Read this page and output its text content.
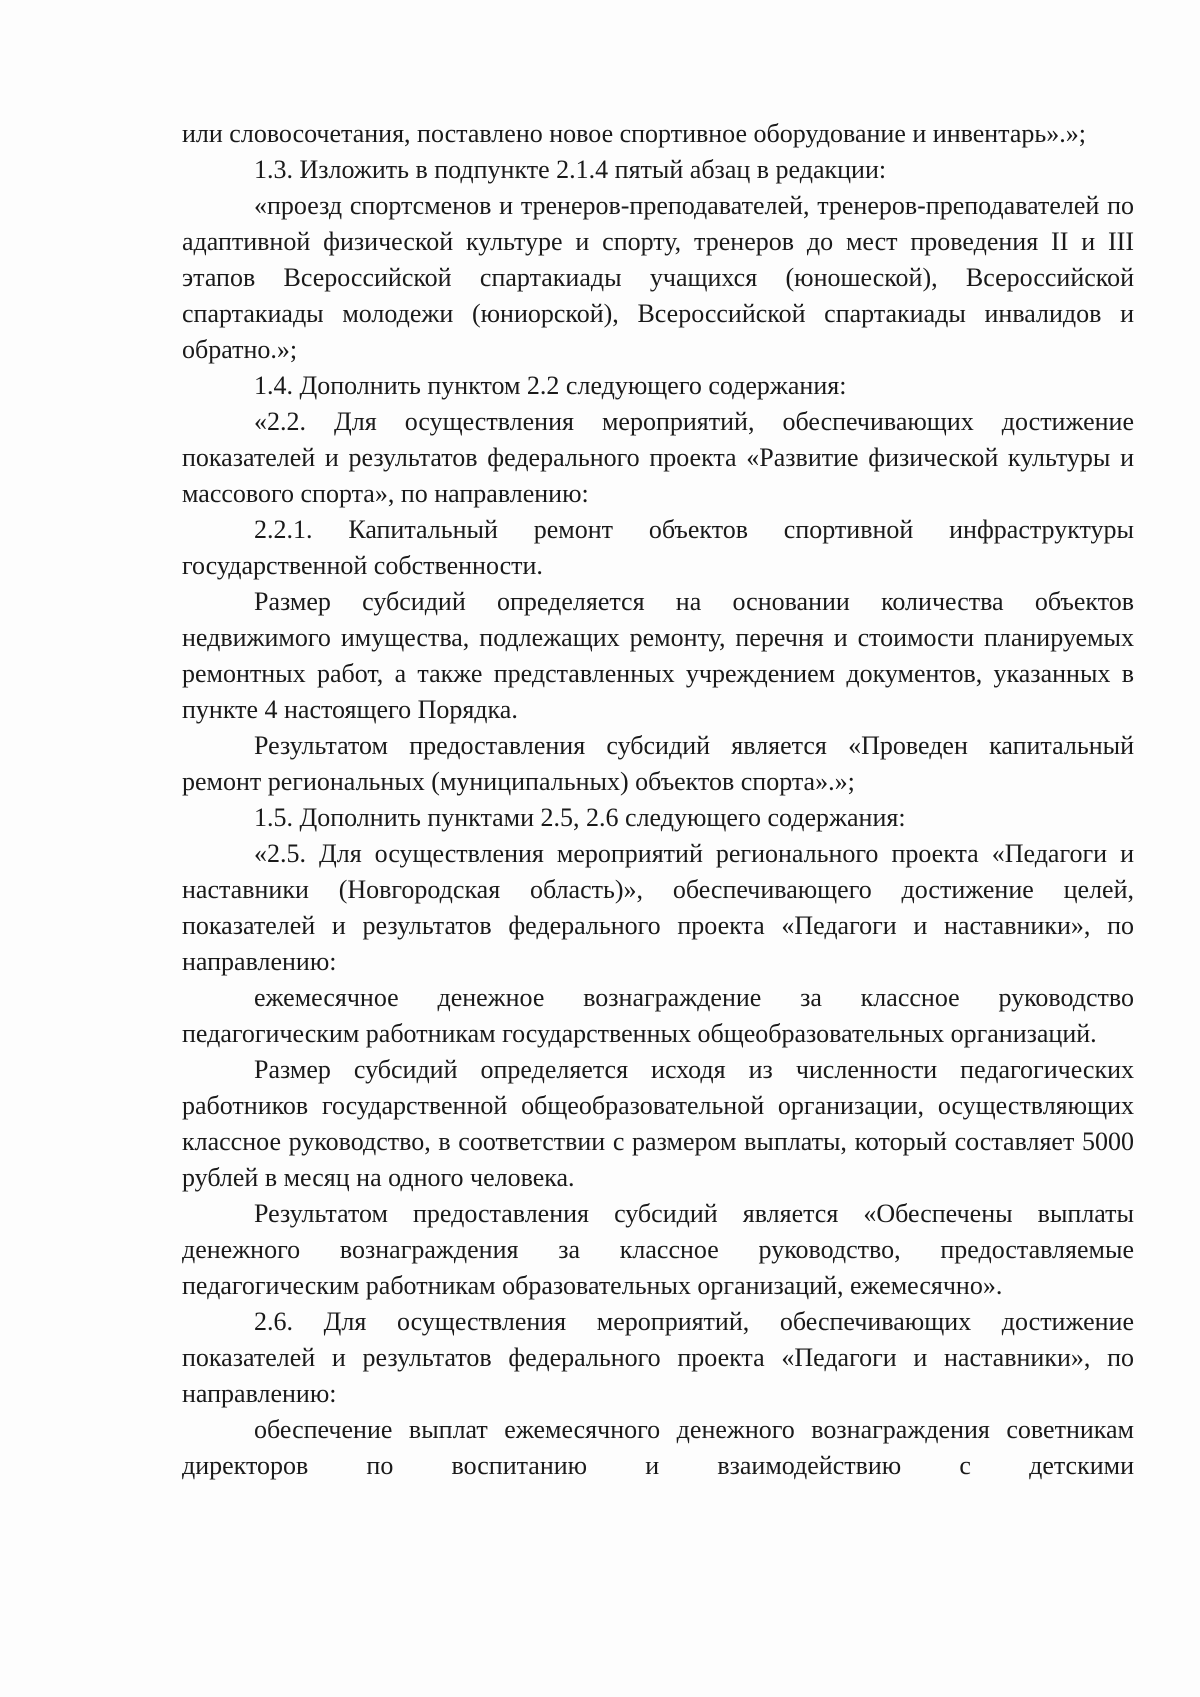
или словосочетания, поставлено новое спортивное оборудование и инвентарь».»;

1.3. Изложить в подпункте 2.1.4 пятый абзац в редакции:

«проезд спортсменов и тренеров-преподавателей, тренеров-преподавателей по адаптивной физической культуре и спорту, тренеров до мест проведения II и III этапов Всероссийской спартакиады учащихся (юношеской), Всероссийской спартакиады молодежи (юниорской), Всероссийской спартакиады инвалидов и обратно.»;

1.4. Дополнить пунктом 2.2 следующего содержания:

«2.2. Для осуществления мероприятий, обеспечивающих достижение показателей и результатов федерального проекта «Развитие физической культуры и массового спорта», по направлению:

2.2.1. Капитальный ремонт объектов спортивной инфраструктуры государственной собственности.

Размер субсидий определяется на основании количества объектов недвижимого имущества, подлежащих ремонту, перечня и стоимости планируемых ремонтных работ, а также представленных учреждением документов, указанных в пункте 4 настоящего Порядка.

Результатом предоставления субсидий является «Проведен капитальный ремонт региональных (муниципальных) объектов спорта».»;

1.5. Дополнить пунктами 2.5, 2.6 следующего содержания:

«2.5. Для осуществления мероприятий регионального проекта «Педагоги и наставники (Новгородская область)», обеспечивающего достижение целей, показателей и результатов федерального проекта «Педагоги и наставники», по направлению:

ежемесячное денежное вознаграждение за классное руководство педагогическим работникам государственных общеобразовательных организаций.

Размер субсидий определяется исходя из численности педагогических работников государственной общеобразовательной организации, осуществляющих классное руководство, в соответствии с размером выплаты, который составляет 5000 рублей в месяц на одного человека.

Результатом предоставления субсидий является «Обеспечены выплаты денежного вознаграждения за классное руководство, предоставляемые педагогическим работникам образовательных организаций, ежемесячно».

2.6. Для осуществления мероприятий, обеспечивающих достижение показателей и результатов федерального проекта «Педагоги и наставники», по направлению:

обеспечение выплат ежемесячного денежного вознаграждения советникам директоров по воспитанию и взаимодействию с детскими
